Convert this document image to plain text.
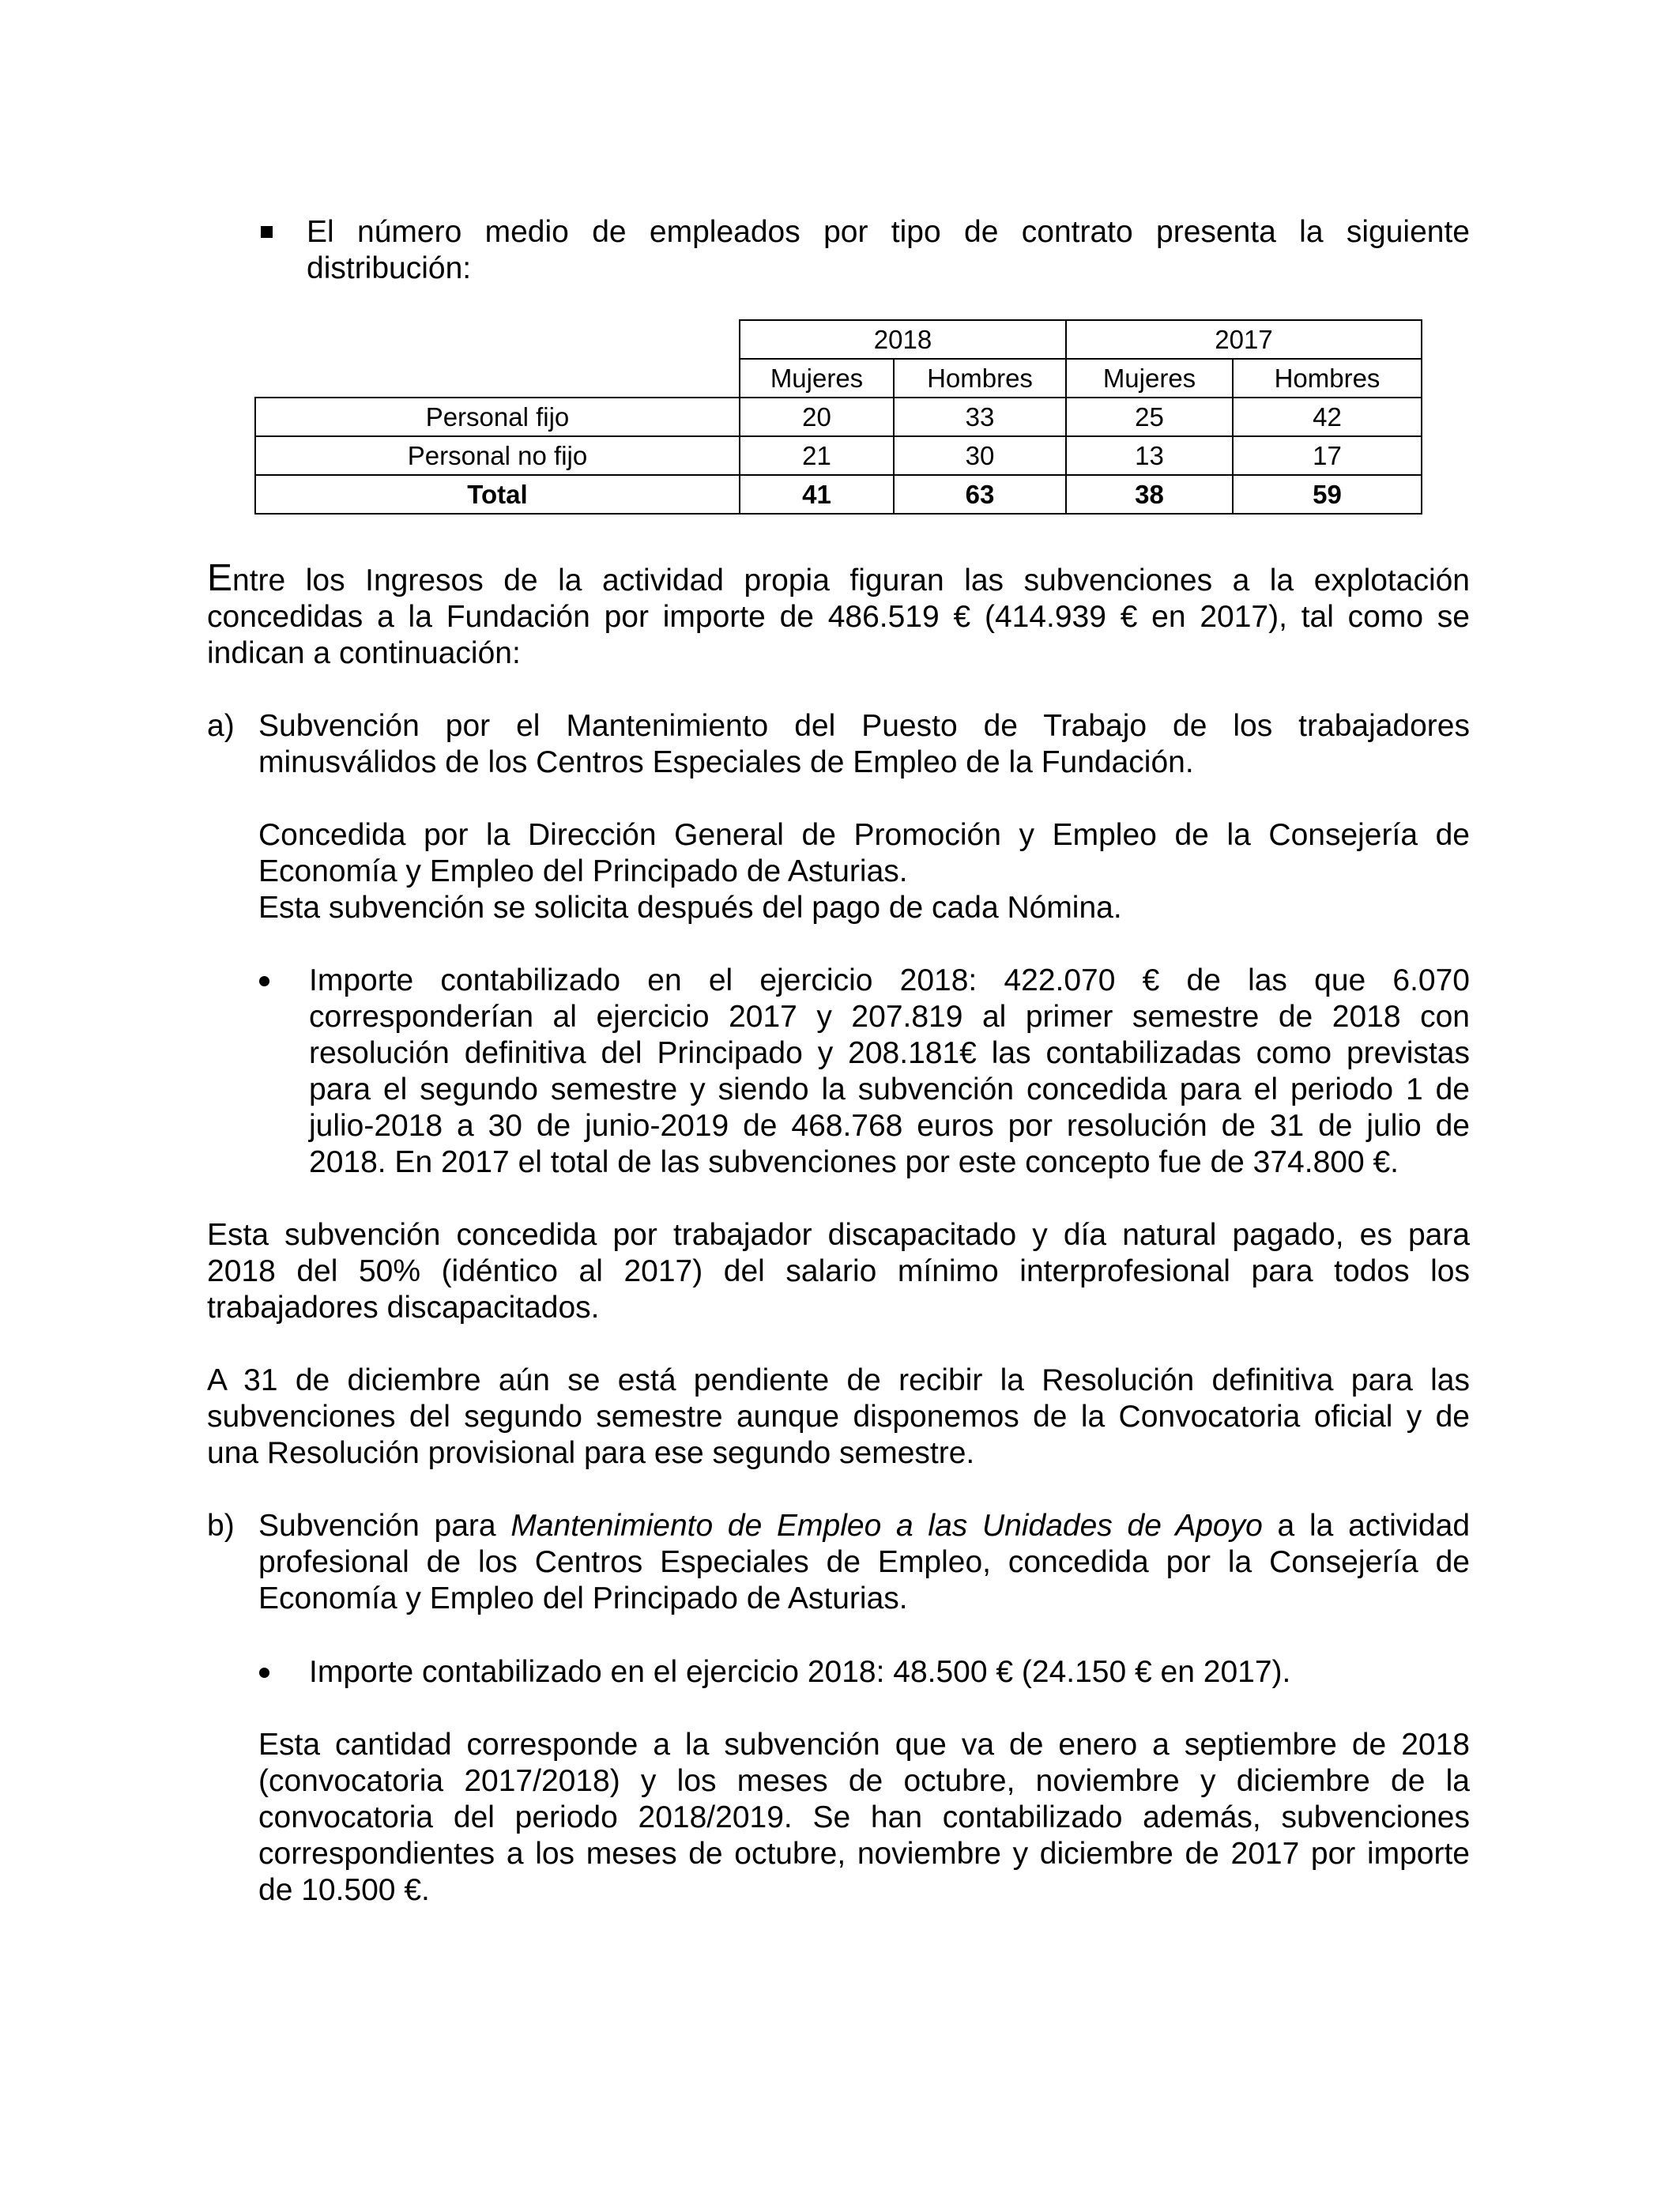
El número medio de empleados por tipo de contrato presenta la siguiente
distribución:
	2018		2017	
	Mujeres	Hombres	Mujeres	Hombres
Personal fijo	20	33	25	42
Personal no fijo	21	30	13	17
Total	41	63	38	59
Entre los Ingresos de la actividad propia figuran las subvenciones a la explotación
concedidas a la Fundación por importe de 486.519 € (414.939 € en 2017), tal como se
indican a continuación:
a) Subvención por el Mantenimiento del Puesto de Trabajo de los trabajadores
minusválidos de los Centros Especiales de Empleo de la Fundación.
Concedida por la Dirección General de Promoción y Empleo de la Consejería de
Economía y Empleo del Principado de Asturias.
Esta subvención se solicita después del pago de cada Nómina.
Importe contabilizado en el ejercicio 2018: 422.070 € de las que 6.070
corresponderían al ejercicio 2017 y 207.819 al primer semestre de 2018 con
resolución definitiva del Principado y 208.181€ las contabilizadas como previstas
para el segundo semestre y siendo la subvención concedida para el periodo 1 de
julio-2018 a 30 de junio-2019 de 468.768 euros por resolución de 31 de julio de
2018. En 2017 el total de las subvenciones por este concepto fue de 374.800 €.
Esta subvención concedida por trabajador discapacitado y día natural pagado, es para
2018 del 50% (idéntico al 2017) del salario mínimo interprofesional para todos los
trabajadores discapacitados.
A 31 de diciembre aún se está pendiente de recibir la Resolución definitiva para las
subvenciones del segundo semestre aunque disponemos de la Convocatoria oficial y de
una Resolución provisional para ese segundo semestre.
b) Subvención para Mantenimiento de Empleo a las Unidades de Apoyo a la actividad
profesional de los Centros Especiales de Empleo, concedida por la Consejería de
Economía y Empleo del Principado de Asturias.
Importe contabilizado en el ejercicio 2018: 48.500 € (24.150 € en 2017).
Esta cantidad corresponde a la subvención que va de enero a septiembre de 2018
(convocatoria 2017/2018) y los meses de octubre, noviembre y diciembre de la
convocatoria del periodo 2018/2019. Se han contabilizado además, subvenciones
correspondientes a los meses de octubre, noviembre y diciembre de 2017 por importe
de 10.500 €.
